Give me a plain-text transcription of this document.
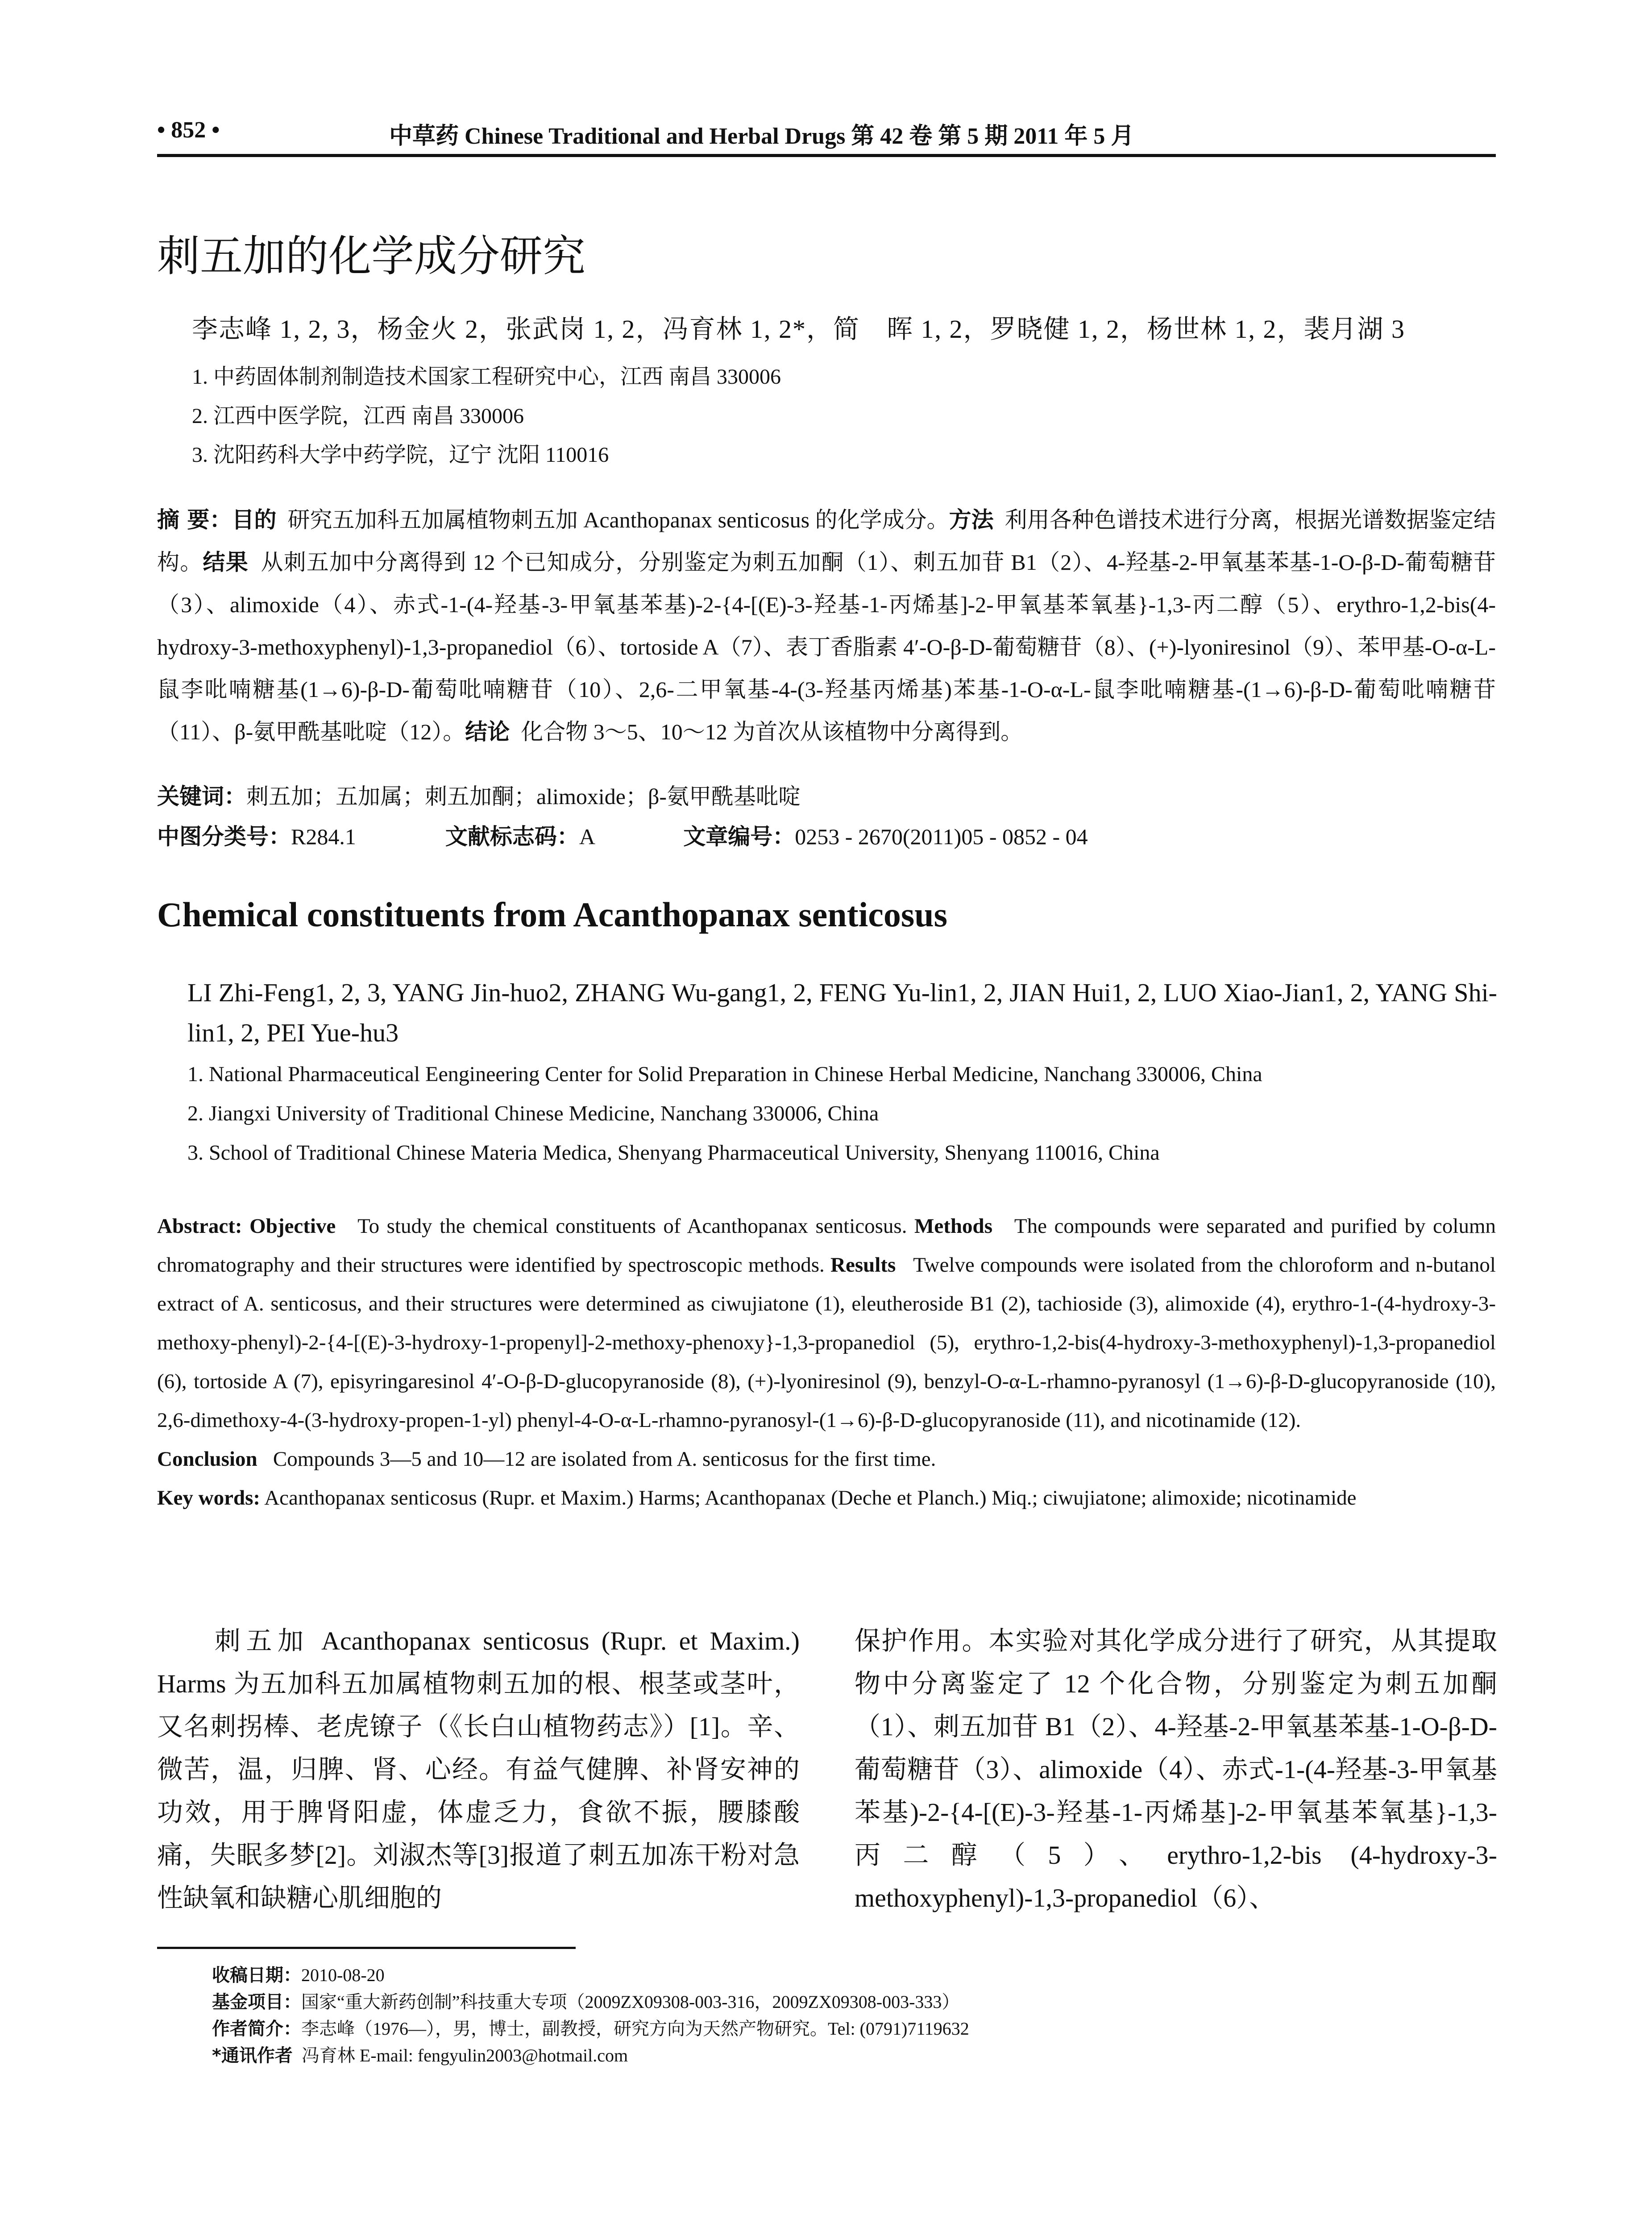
• 852 •	中草药 Chinese Traditional and Herbal Drugs 第 42 卷 第 5 期 2011 年 5 月
刺五加的化学成分研究
李志峰 1, 2, 3，杨金火 2，张武岗 1, 2，冯育林 1, 2*，简　晖 1, 2，罗晓健 1, 2，杨世林 1, 2，裴月湖 3
1. 中药固体制剂制造技术国家工程研究中心，江西 南昌 330006
2. 江西中医学院，江西 南昌 330006
3. 沈阳药科大学中药学院，辽宁 沈阳 110016
摘 要：目的 研究五加科五加属植物刺五加 Acanthopanax senticosus 的化学成分。方法 利用各种色谱技术进行分离，根据光谱数据鉴定结构。结果 从刺五加中分离得到 12 个已知成分，分别鉴定为刺五加酮（1）、刺五加苷 B1（2）、4-羟基-2-甲氧基苯基-1-O-β-D-葡萄糖苷（3）、alimoxide（4）、赤式-1-(4-羟基-3-甲氧基苯基)-2-{4-[(E)-3-羟基-1-丙烯基]-2-甲氧基苯氧基}-1,3-丙二醇（5）、erythro-1,2-bis(4-hydroxy-3-methoxyphenyl)-1,3-propanediol（6）、tortoside A（7）、表丁香脂素 4′-O-β-D-葡萄糖苷（8）、(+)-lyoniresinol（9）、苯甲基-O-α-L-鼠李吡喃糖基(1→6)-β-D-葡萄吡喃糖苷（10）、2,6-二甲氧基-4-(3-羟基丙烯基)苯基-1-O-α-L-鼠李吡喃糖基-(1→6)-β-D-葡萄吡喃糖苷（11）、β-氨甲酰基吡啶（12）。结论 化合物 3～5、10～12 为首次从该植物中分离得到。
关键词：刺五加；五加属；刺五加酮；alimoxide；β-氨甲酰基吡啶
中图分类号：R284.1	文献标志码：A	文章编号：0253 - 2670(2011)05 - 0852 - 04
Chemical constituents from Acanthopanax senticosus
LI Zhi-Feng1, 2, 3, YANG Jin-huo2, ZHANG Wu-gang1, 2, FENG Yu-lin1, 2, JIAN Hui1, 2, LUO Xiao-Jian1, 2, YANG Shi-lin1, 2, PEI Yue-hu3
1. National Pharmaceutical Eengineering Center for Solid Preparation in Chinese Herbal Medicine, Nanchang 330006, China
2. Jiangxi University of Traditional Chinese Medicine, Nanchang 330006, China
3. School of Traditional Chinese Materia Medica, Shenyang Pharmaceutical University, Shenyang 110016, China
Abstract: Objective To study the chemical constituents of Acanthopanax senticosus. Methods The compounds were separated and purified by column chromatography and their structures were identified by spectroscopic methods. Results Twelve compounds were isolated from the chloroform and n-butanol extract of A. senticosus, and their structures were determined as ciwujiatone (1), eleutheroside B1 (2), tachioside (3), alimoxide (4), erythro-1-(4-hydroxy-3-methoxy-phenyl)-2-{4-[(E)-3-hydroxy-1-propenyl]-2-methoxy-phenoxy}-1,3-propanediol (5), erythro-1,2-bis(4-hydroxy-3-methoxyphenyl)-1,3-propanediol (6), tortoside A (7), episyringaresinol 4′-O-β-D-glucopyranoside (8), (+)-lyoniresinol (9), benzyl-O-α-L-rhamno-pyranosyl (1→6)-β-D-glucopyranoside (10), 2,6-dimethoxy-4-(3-hydroxy-propen-1-yl) phenyl-4-O-α-L-rhamno-pyranosyl-(1→6)-β-D-glucopyranoside (11), and nicotinamide (12).
Conclusion Compounds 3—5 and 10—12 are isolated from A. senticosus for the first time.
Key words: Acanthopanax senticosus (Rupr. et Maxim.) Harms; Acanthopanax (Deche et Planch.) Miq.; ciwujiatone; alimoxide; nicotinamide
刺五加 Acanthopanax senticosus (Rupr. et Maxim.) Harms 为五加科五加属植物刺五加的根、根茎或茎叶，又名刺拐棒、老虎镣子（《长白山植物药志》）[1]。辛、微苦，温，归脾、肾、心经。有益气健脾、补肾安神的功效，用于脾肾阳虚，体虚乏力，食欲不振，腰膝酸痛，失眠多梦[2]。刘淑杰等[3]报道了刺五加冻干粉对急性缺氧和缺糖心肌细胞的
保护作用。本实验对其化学成分进行了研究，从其提取物中分离鉴定了 12 个化合物，分别鉴定为刺五加酮（1）、刺五加苷 B1（2）、4-羟基-2-甲氧基苯基-1-O-β-D-葡萄糖苷（3）、alimoxide（4）、赤式-1-(4-羟基-3-甲氧基苯基)-2-{4-[(E)-3-羟基-1-丙烯基]-2-甲氧基苯氧基}-1,3- 丙二醇（5）、erythro-1,2-bis (4-hydroxy-3-methoxyphenyl)-1,3-propanediol（6）、
收稿日期：2010-08-20
基金项目：国家“重大新药创制”科技重大专项（2009ZX09308-003-316，2009ZX09308-003-333）
作者简介：李志峰（1976—），男，博士，副教授，研究方向为天然产物研究。Tel: (0791)7119632
*通讯作者 冯育林 E-mail: fengyulin2003@hotmail.com
